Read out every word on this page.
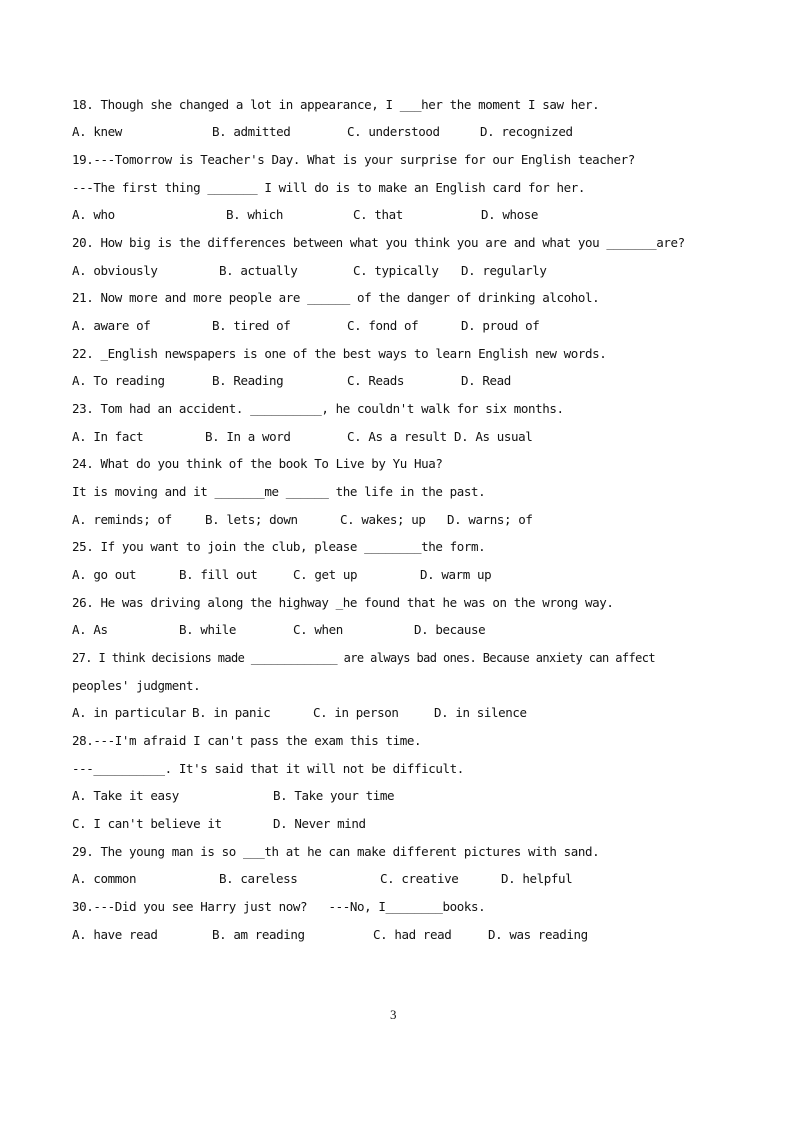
18. Though she changed a lot in appearance, I ___her the moment I saw her.
A. knew	B. admitted	C. understood	D. recognized
19.---Tomorrow is Teacher's Day. What is your surprise for our English teacher?
---The first thing _______ I will do is to make an English card for her.
A. who	B. which	C. that	D. whose
20. How big is the differences between what you think you are and what you _______are?
A. obviously	B. actually	C. typically D. regularly
21. Now more and more people are ______ of the danger of drinking alcohol.
A. aware of	B. tired of	C. fond of	D. proud of
22. _English newspapers is one of the best ways to learn English new words.
A. To reading	B. Reading	C. Reads	D. Read
23. Tom had an accident. __________, he couldn't walk for six months.
A. In fact	B. In a word	C. As a result D. As usual
24. What do you think of the book To Live by Yu Hua?
It is moving and it _______me ______ the life in the past.
A. reminds; of	B. lets; down	C. wakes; up D. warns; of
25. If you want to join the club, please ________the form.
A. go out	B. fill out	C. get up	D. warm up
26. He was driving along the highway _he found that he was on the wrong way.
A. As	B. while	C. when	D. because
27. I think decisions made _____________ are always bad ones. Because anxiety can affect
peoples' judgment.
A. in particular B. in panic	C. in person	D. in silence
28.---I'm afraid I can't pass the exam this time.
---__________. It's said that it will not be difficult.
A. Take it easy	B. Take your time
C. I can't believe it	D. Never mind
29. The young man is so ___th at he can make different pictures with sand.
A. common	B. careless	C. creative	D. helpful
30.---Did you see Harry just now?   ---No, I________books.
A. have read	B. am reading	C. had read	D. was reading
3
